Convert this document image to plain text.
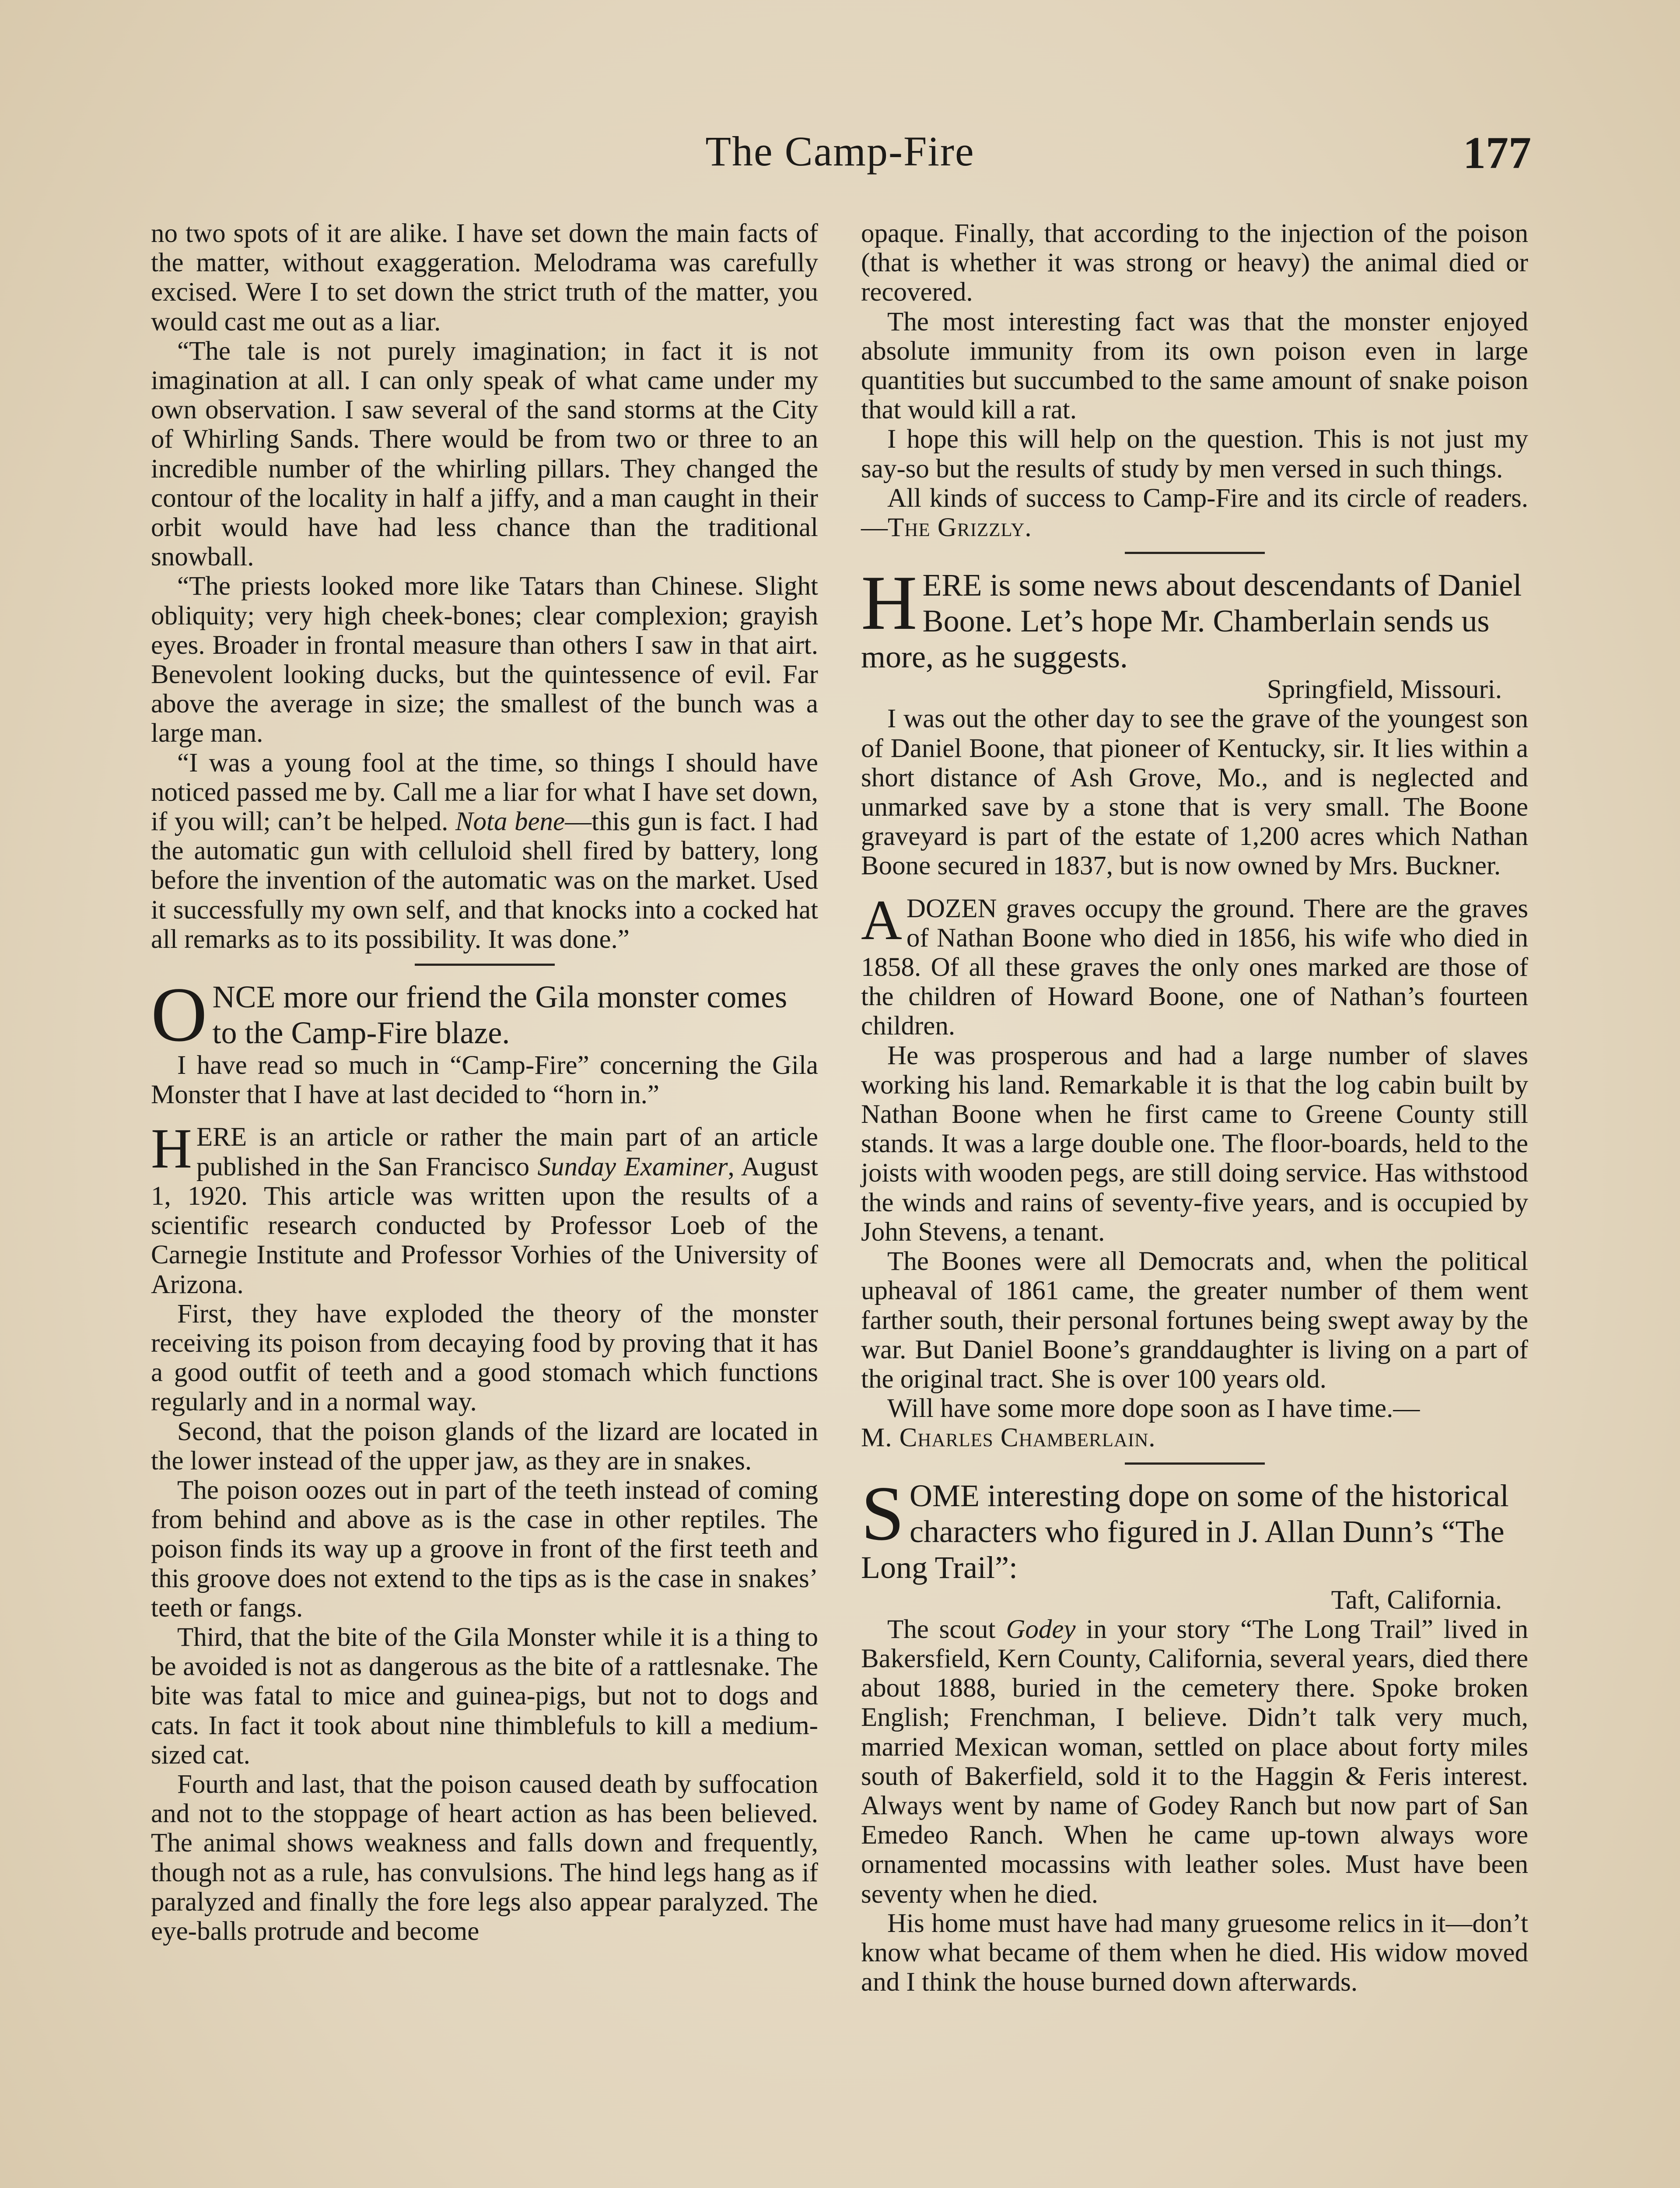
The Camp-Fire	177

no two spots of it are alike. I have set down the main facts of the matter, without exaggeration. Melodrama was carefully excised. Were I to set down the strict truth of the matter, you would cast me out as a liar.

“The tale is not purely imagination; in fact it is not imagination at all. I can only speak of what came under my own observation. I saw several of the sand storms at the City of Whirling Sands. There would be from two or three to an incredible number of the whirling pillars. They changed the contour of the locality in half a jiffy, and a man caught in their orbit would have had less chance than the traditional snowball.

“The priests looked more like Tatars than Chinese. Slight obliquity; very high cheek-bones; clear complexion; grayish eyes. Broader in frontal measure than others I saw in that airt. Benevolent looking ducks, but the quintessence of evil. Far above the average in size; the smallest of the bunch was a large man.

“I was a young fool at the time, so things I should have noticed passed me by. Call me a liar for what I have set down, if you will; can’t be helped. Nota bene—this gun is fact. I had the automatic gun with celluloid shell fired by battery, long before the invention of the automatic was on the market. Used it successfully my own self, and that knocks into a cocked hat all remarks as to its possibility. It was done.”

ONCE more our friend the Gila monster comes to the Camp-Fire blaze.

I have read so much in “Camp-Fire” concerning the Gila Monster that I have at last decided to “horn in.”

HERE is an article or rather the main part of an article published in the San Francisco Sunday Examiner, August 1, 1920. This article was written upon the results of a scientific research conducted by Professor Loeb of the Carnegie Institute and Professor Vorhies of the University of Arizona.

First, they have exploded the theory of the monster receiving its poison from decaying food by proving that it has a good outfit of teeth and a good stomach which functions regularly and in a normal way.

Second, that the poison glands of the lizard are located in the lower instead of the upper jaw, as they are in snakes.

The poison oozes out in part of the teeth instead of coming from behind and above as is the case in other reptiles. The poison finds its way up a groove in front of the first teeth and this groove does not extend to the tips as is the case in snakes’ teeth or fangs.

Third, that the bite of the Gila Monster while it is a thing to be avoided is not as dangerous as the bite of a rattlesnake. The bite was fatal to mice and guinea-pigs, but not to dogs and cats. In fact it took about nine thimblefuls to kill a medium-sized cat.

Fourth and last, that the poison caused death by suffocation and not to the stoppage of heart action as has been believed. The animal shows weakness and falls down and frequently, though not as a rule, has convulsions. The hind legs hang as if paralyzed and finally the fore legs also appear paralyzed. The eye-balls protrude and become

opaque. Finally, that according to the injection of the poison (that is whether it was strong or heavy) the animal died or recovered.

The most interesting fact was that the monster enjoyed absolute immunity from its own poison even in large quantities but succumbed to the same amount of snake poison that would kill a rat.

I hope this will help on the question. This is not just my say-so but the results of study by men versed in such things.

All kinds of success to Camp-Fire and its circle of readers.—The Grizzly.

HERE is some news about descendants of Daniel Boone. Let’s hope Mr. Chamberlain sends us more, as he suggests.

Springfield, Missouri.

I was out the other day to see the grave of the youngest son of Daniel Boone, that pioneer of Kentucky, sir. It lies within a short distance of Ash Grove, Mo., and is neglected and unmarked save by a stone that is very small. The Boone graveyard is part of the estate of 1,200 acres which Nathan Boone secured in 1837, but is now owned by Mrs. Buckner.

A DOZEN graves occupy the ground. There are the graves of Nathan Boone who died in 1856, his wife who died in 1858. Of all these graves the only ones marked are those of the children of Howard Boone, one of Nathan’s fourteen children.

He was prosperous and had a large number of slaves working his land. Remarkable it is that the log cabin built by Nathan Boone when he first came to Greene County still stands. It was a large double one. The floor-boards, held to the joists with wooden pegs, are still doing service. Has withstood the winds and rains of seventy-five years, and is occupied by John Stevens, a tenant.

The Boones were all Democrats and, when the political upheaval of 1861 came, the greater number of them went farther south, their personal fortunes being swept away by the war. But Daniel Boone’s granddaughter is living on a part of the original tract. She is over 100 years old.

Will have some more dope soon as I have time.—

M. Charles Chamberlain.

SOME interesting dope on some of the historical characters who figured in J. Allan Dunn’s “The Long Trail”:

Taft, California.

The scout Godey in your story “The Long Trail” lived in Bakersfield, Kern County, California, several years, died there about 1888, buried in the cemetery there. Spoke broken English; Frenchman, I believe. Didn’t talk very much, married Mexican woman, settled on place about forty miles south of Bakerfield, sold it to the Haggin & Feris interest. Always went by name of Godey Ranch but now part of San Emedeo Ranch. When he came up-town always wore ornamented mocassins with leather soles. Must have been seventy when he died.

His home must have had many gruesome relics in it—don’t know what became of them when he died. His widow moved and I think the house burned down afterwards.
